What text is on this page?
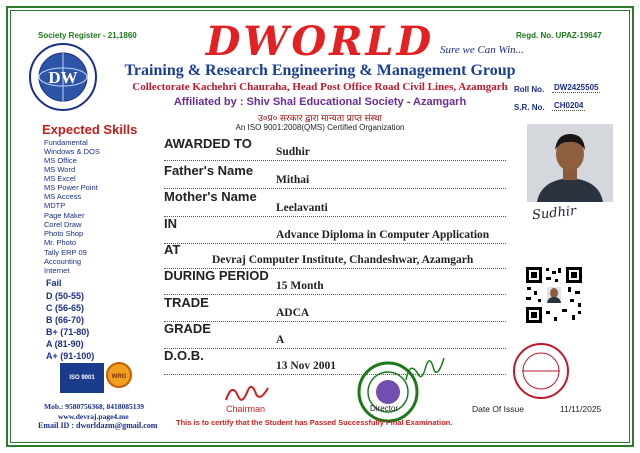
Society Register - 21,1860	Regd. No. UPAZ-19647
DW
DWORLD Sure we Can Win...
Training & Research Engineering & Management Group
Collectorate Kachehri Chauraha, Head Post Office Road Civil Lines, Azamgarh
Affiliated by : Shiv Shal Educational Society - Azamgarh
उ०प्र० सरकार द्वारा मान्यता प्राप्त संस्था
An ISO 9001:2008(QMS) Certified Organization
Roll No. DW2425505
S.R. No. CH0204
Expected Skills
Fundamental
Windows & DOS
MS Office
MS Word
MS Excel
MS Power Point
MS Access
MDTP
Page Maker
Corel Draw
Photo Shop
Mr. Photo
Tally ERP 09
Accounting
Internet
Fail
D (50-55)
C (56-65)
B (66-70)
B+ (71-80)
A (81-90)
A+ (91-100)
ISO 9001	WRG
AWARDED TO
Sudhir
Father's Name
Mithai
Mother's Name
Leelavanti
IN
Advance Diploma in Computer Application
AT
Devraj Computer Institute, Chandeshwar, Azamgarh
DURING PERIOD
15 Month
TRADE
ADCA
GRADE
A
D.O.B.
13 Nov 2001
Sudhir
Mob.: 9580756368, 8418085139
www.devraj.page4.me
Email ID : dworldazm@gmail.com
Chairman	Director
This is to certify that the Student has Passed Successfully Final Examination.
Date Of Issue	11/11/2025
